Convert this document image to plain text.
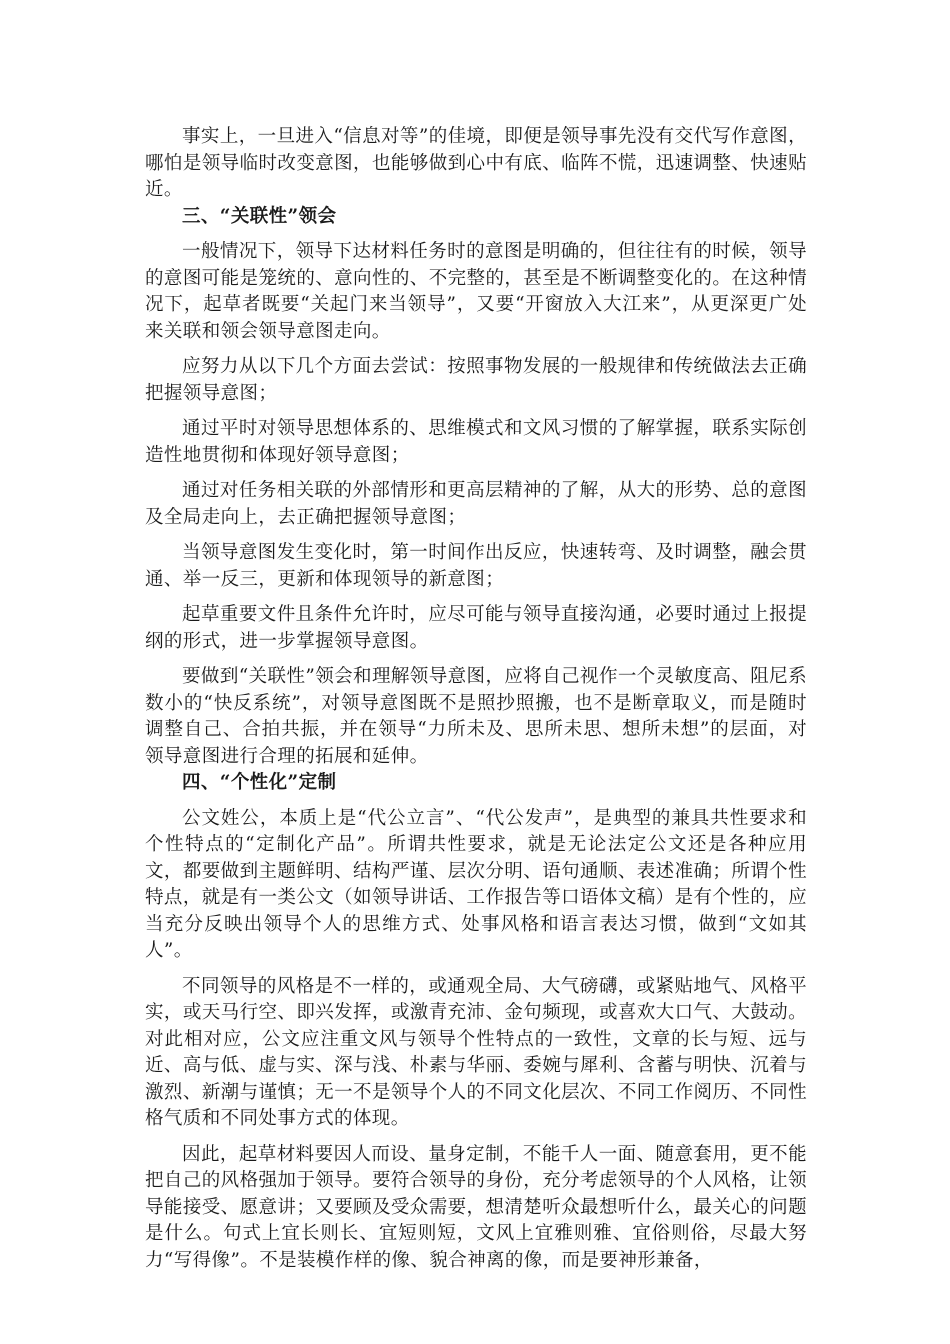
事实上，一旦进入“信息对等”的佳境，即便是领导事先没有交代写作意图，哪怕是领导临时改变意图，也能够做到心中有底、临阵不慌，迅速调整、快速贴近。

三、“关联性”领会

一般情况下，领导下达材料任务时的意图是明确的，但往往有的时候，领导的意图可能是笼统的、意向性的、不完整的，甚至是不断调整变化的。在这种情况下，起草者既要“关起门来当领导”，又要“开窗放入大江来”，从更深更广处来关联和领会领导意图走向。

应努力从以下几个方面去尝试：按照事物发展的一般规律和传统做法去正确把握领导意图；

通过平时对领导思想体系的、思维模式和文风习惯的了解掌握，联系实际创造性地贯彻和体现好领导意图；

通过对任务相关联的外部情形和更高层精神的了解，从大的形势、总的意图及全局走向上，去正确把握领导意图；

当领导意图发生变化时，第一时间作出反应，快速转弯、及时调整，融会贯通、举一反三，更新和体现领导的新意图；

起草重要文件且条件允许时，应尽可能与领导直接沟通，必要时通过上报提纲的形式，进一步掌握领导意图。

要做到“关联性”领会和理解领导意图，应将自己视作一个灵敏度高、阻尼系数小的“快反系统”，对领导意图既不是照抄照搬，也不是断章取义，而是随时调整自己、合拍共振，并在领导“力所未及、思所未思、想所未想”的层面，对领导意图进行合理的拓展和延伸。

四、“个性化”定制

公文姓公，本质上是“代公立言”、“代公发声”，是典型的兼具共性要求和个性特点的“定制化产品”。所谓共性要求，就是无论法定公文还是各种应用文，都要做到主题鲜明、结构严谨、层次分明、语句通顺、表述准确；所谓个性特点，就是有一类公文（如领导讲话、工作报告等口语体文稿）是有个性的，应当充分反映出领导个人的思维方式、处事风格和语言表达习惯，做到“文如其人”。

不同领导的风格是不一样的，或通观全局、大气磅礴，或紧贴地气、风格平实，或天马行空、即兴发挥，或激青充沛、金句频现，或喜欢大口气、大鼓动。对此相对应，公文应注重文风与领导个性特点的一致性，文章的长与短、远与近、高与低、虚与实、深与浅、朴素与华丽、委婉与犀利、含蓄与明快、沉着与激烈、新潮与谨慎；无一不是领导个人的不同文化层次、不同工作阅历、不同性格气质和不同处事方式的体现。

因此，起草材料要因人而设、量身定制，不能千人一面、随意套用，更不能把自己的风格强加于领导。要符合领导的身份，充分考虑领导的个人风格，让领导能接受、愿意讲；又要顾及受众需要，想清楚听众最想听什么，最关心的问题是什么。句式上宜长则长、宜短则短，文风上宜雅则雅、宜俗则俗，尽最大努力“写得像”。不是装模作样的像、貌合神离的像，而是要神形兼备，
